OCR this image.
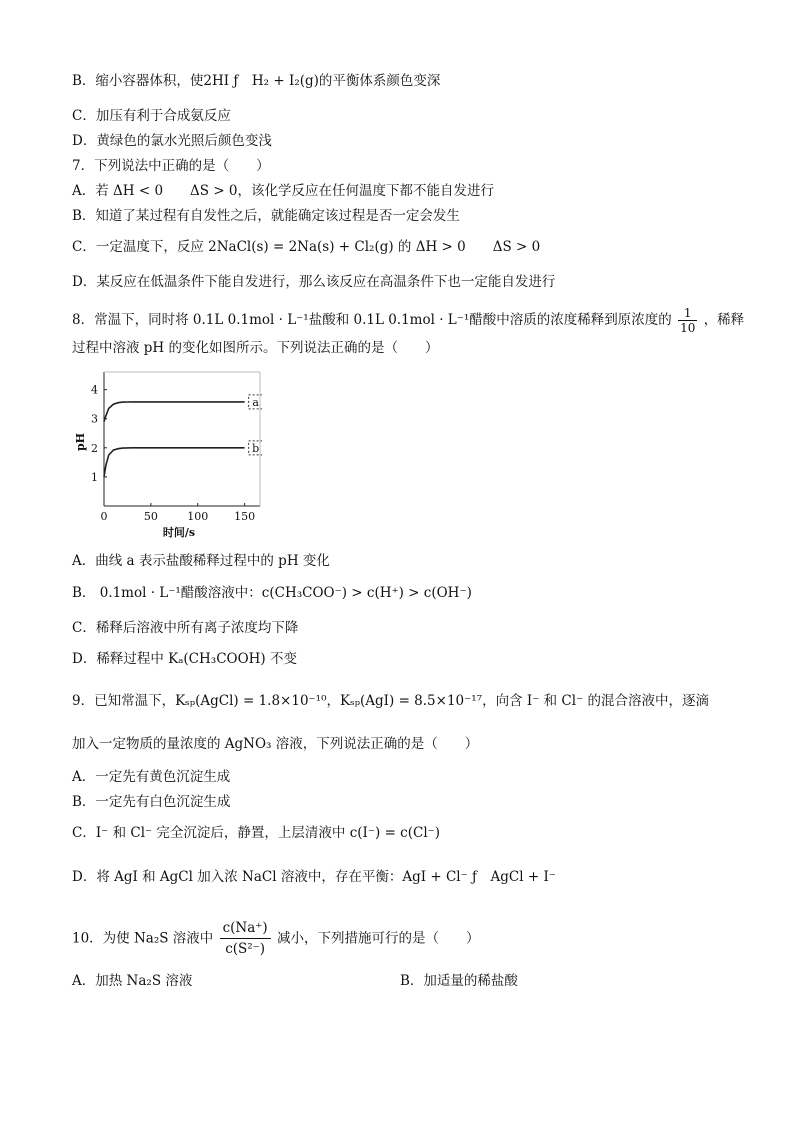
B．缩小容器体积，使2HI ƒ　H₂ + I₂(g)的平衡体系颜色变深
C．加压有利于合成氨反应
D．黄绿色的氯水光照后颜色变浅
7．下列说法中正确的是（　　）
A．若 ΔH < 0　　ΔS > 0，该化学反应在任何温度下都不能自发进行
B．知道了某过程有自发性之后，就能确定该过程是否一定会发生
C．一定温度下，反应 2NaCl(s) = 2Na(s) + Cl₂(g) 的 ΔH > 0　　ΔS > 0
D．某反应在低温条件下能自发进行，那么该反应在高温条件下也一定能自发进行
8．常温下，同时将 0.1L 0.1mol · L⁻¹盐酸和 0.1L 0.1mol · L⁻¹醋酸中溶质的浓度稀释到原浓度的 $\frac{1}{10}$ ，稀释
过程中溶液 pH 的变化如图所示。下列说法正确的是（　　）
1
2
3
4
0	50	100 150
时间/s
pH
a
b
A．曲线 a 表示盐酸稀释过程中的 pH 变化
B． 0.1mol · L⁻¹醋酸溶液中：c(CH₃COO⁻) > c(H⁺) > c(OH⁻)
C．稀释后溶液中所有离子浓度均下降
D．稀释过程中 Kₐ(CH₃COOH) 不变
9．已知常温下，Kₛₚ(AgCl) = 1.8×10⁻¹⁰，Kₛₚ(AgI) = 8.5×10⁻¹⁷，向含 I⁻ 和 Cl⁻ 的混合溶液中，逐滴
加入一定物质的量浓度的 AgNO₃ 溶液，下列说法正确的是（　　）
A．一定先有黄色沉淀生成
B．一定先有白色沉淀生成
C．I⁻ 和 Cl⁻ 完全沉淀后，静置，上层清液中 c(I⁻) = c(Cl⁻)
D．将 AgI 和 AgCl 加入浓 NaCl 溶液中，存在平衡：AgI + Cl⁻ ƒ　AgCl + I⁻
10．为使 Na₂S 溶液中 $\frac{c(Na^+)}{\text{c(S²⁻)}}$ 减小，下列措施可行的是（　　）
A．加热 Na₂S 溶液	B．加适量的稀盐酸
